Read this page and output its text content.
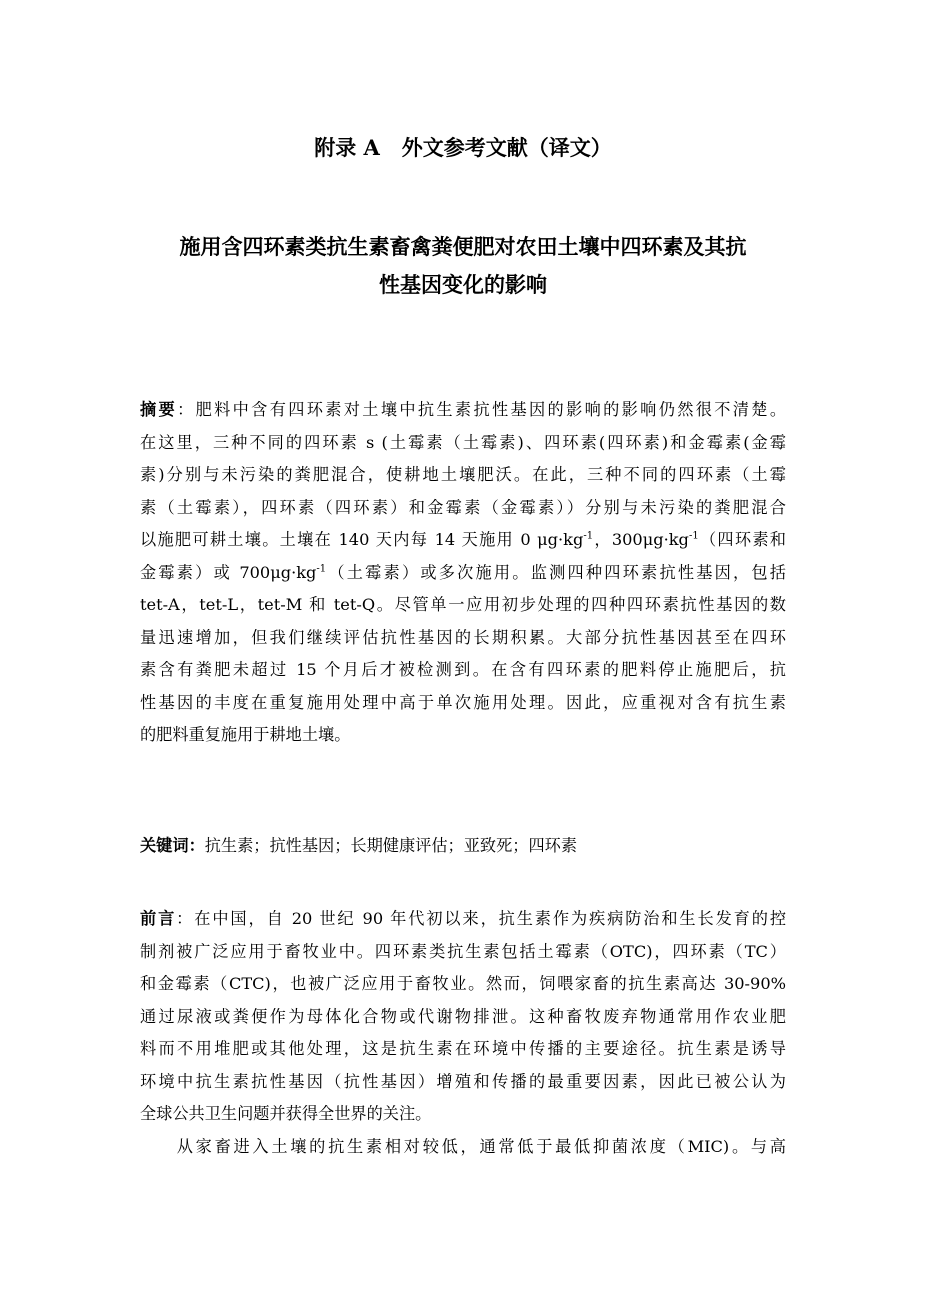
附录 A   外文参考文献（译文）
施用含四环素类抗生素畜禽粪便肥对农田土壤中四环素及其抗
性基因变化的影响
摘要：肥料中含有四环素对土壤中抗生素抗性基因的影响的影响仍然很不清楚。
在这里，三种不同的四环素 s (土霉素（土霉素)、四环素(四环素)和金霉素(金霉
素)分别与未污染的粪肥混合，使耕地土壤肥沃。在此，三种不同的四环素（土霉
素（土霉素），四环素（四环素）和金霉素（金霉素））分别与未污染的粪肥混合
以施肥可耕土壤。土壤在 140 天内每 14 天施用 0 $\mu g\cdot kg^{-1}$，$300\mu g\cdot kg^{-1}$（四环素和
金霉素）或 $700\mu g\cdot kg^{-1}$（土霉素）或多次施用。监测四种四环素抗性基因，包括
tet-A，tet-L，tet-M 和 tet-Q。尽管单一应用初步处理的四种四环素抗性基因的数
量迅速增加，但我们继续评估抗性基因的长期积累。大部分抗性基因甚至在四环
素含有粪肥未超过 15 个月后才被检测到。在含有四环素的肥料停止施肥后，抗
性基因的丰度在重复施用处理中高于单次施用处理。因此，应重视对含有抗生素
的肥料重复施用于耕地土壤。
关键词：抗生素；抗性基因；长期健康评估；亚致死；四环素
前言：在中国，自 20 世纪 90 年代初以来，抗生素作为疾病防治和生长发育的控
制剂被广泛应用于畜牧业中。四环素类抗生素包括土霉素（OTC)，四环素（TC）
和金霉素（CTC)，也被广泛应用于畜牧业。然而，饲喂家畜的抗生素高达 30-90%
通过尿液或粪便作为母体化合物或代谢物排泄。这种畜牧废弃物通常用作农业肥
料而不用堆肥或其他处理，这是抗生素在环境中传播的主要途径。抗生素是诱导
环境中抗生素抗性基因（抗性基因）增殖和传播的最重要因素，因此已被公认为
全球公共卫生问题并获得全世界的关注。
从家畜进入土壤的抗生素相对较低，通常低于最低抑菌浓度（MIC)。与高
